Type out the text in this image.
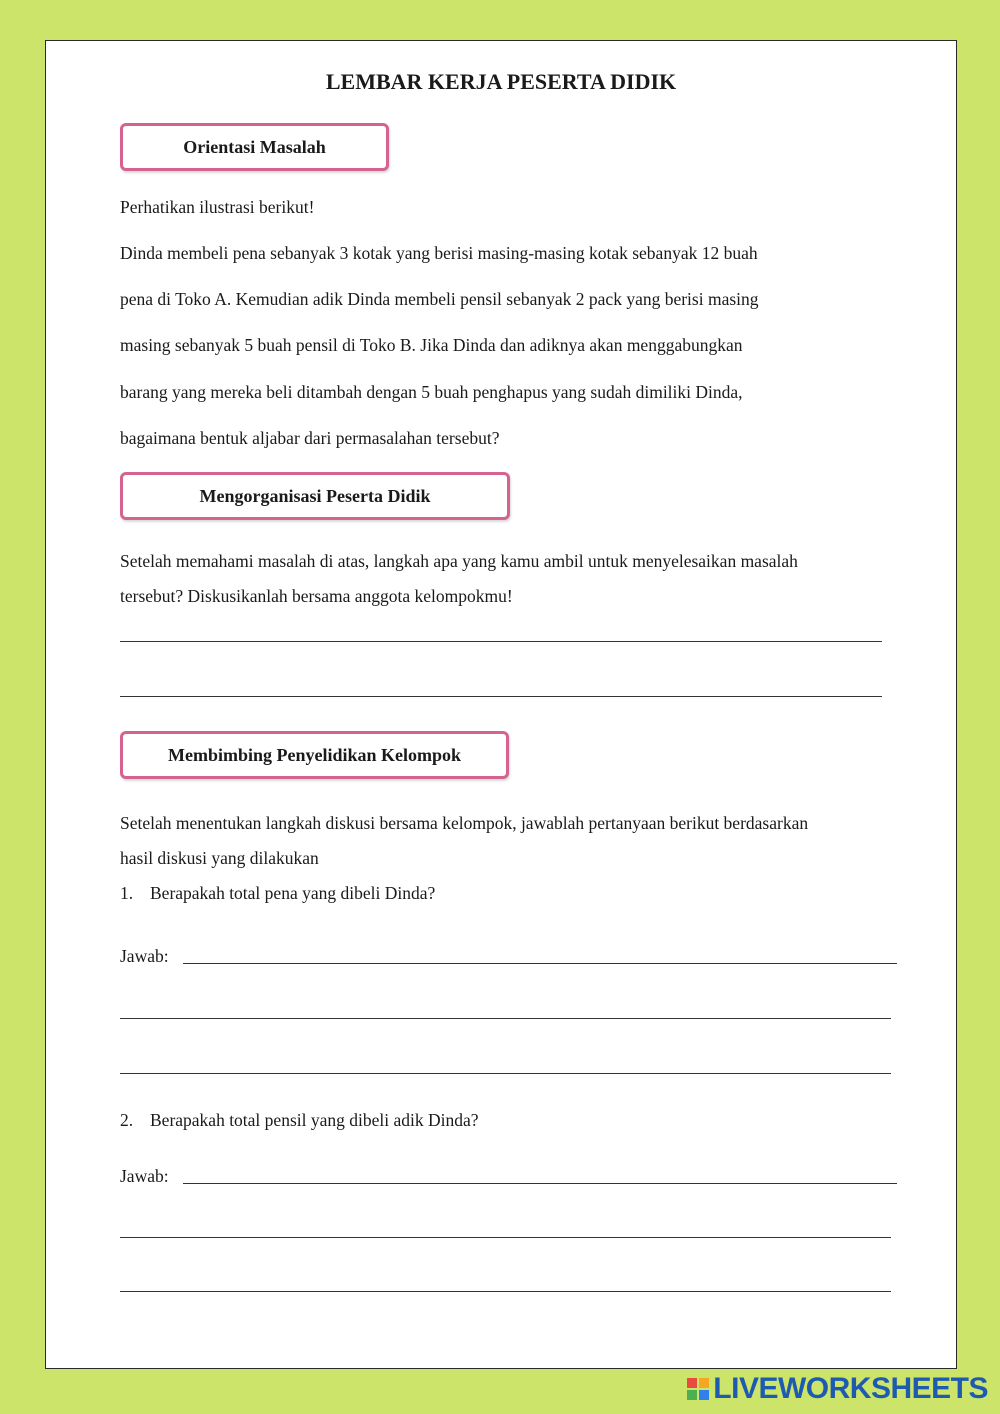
LEMBAR KERJA PESERTA DIDIK
Orientasi Masalah
Perhatikan ilustrasi berikut!
Dinda membeli pena sebanyak 3 kotak yang berisi masing-masing kotak sebanyak 12 buah
pena di Toko A. Kemudian adik Dinda membeli pensil sebanyak 2 pack yang berisi masing
masing sebanyak 5 buah pensil di Toko B. Jika Dinda dan adiknya akan menggabungkan
barang yang mereka beli ditambah dengan 5 buah penghapus yang sudah dimiliki Dinda,
bagaimana bentuk aljabar dari permasalahan tersebut?
Mengorganisasi Peserta Didik
Setelah memahami masalah di atas, langkah apa yang kamu ambil untuk menyelesaikan masalah
tersebut? Diskusikanlah bersama anggota kelompokmu!
Membimbing Penyelidikan Kelompok
Setelah menentukan langkah diskusi bersama kelompok, jawablah pertanyaan berikut berdasarkan
hasil diskusi yang dilakukan
1. Berapakah total pena yang dibeli Dinda?
Jawab:
2. Berapakah total pensil yang dibeli adik Dinda?
Jawab:
LIVEWORKSHEETS
